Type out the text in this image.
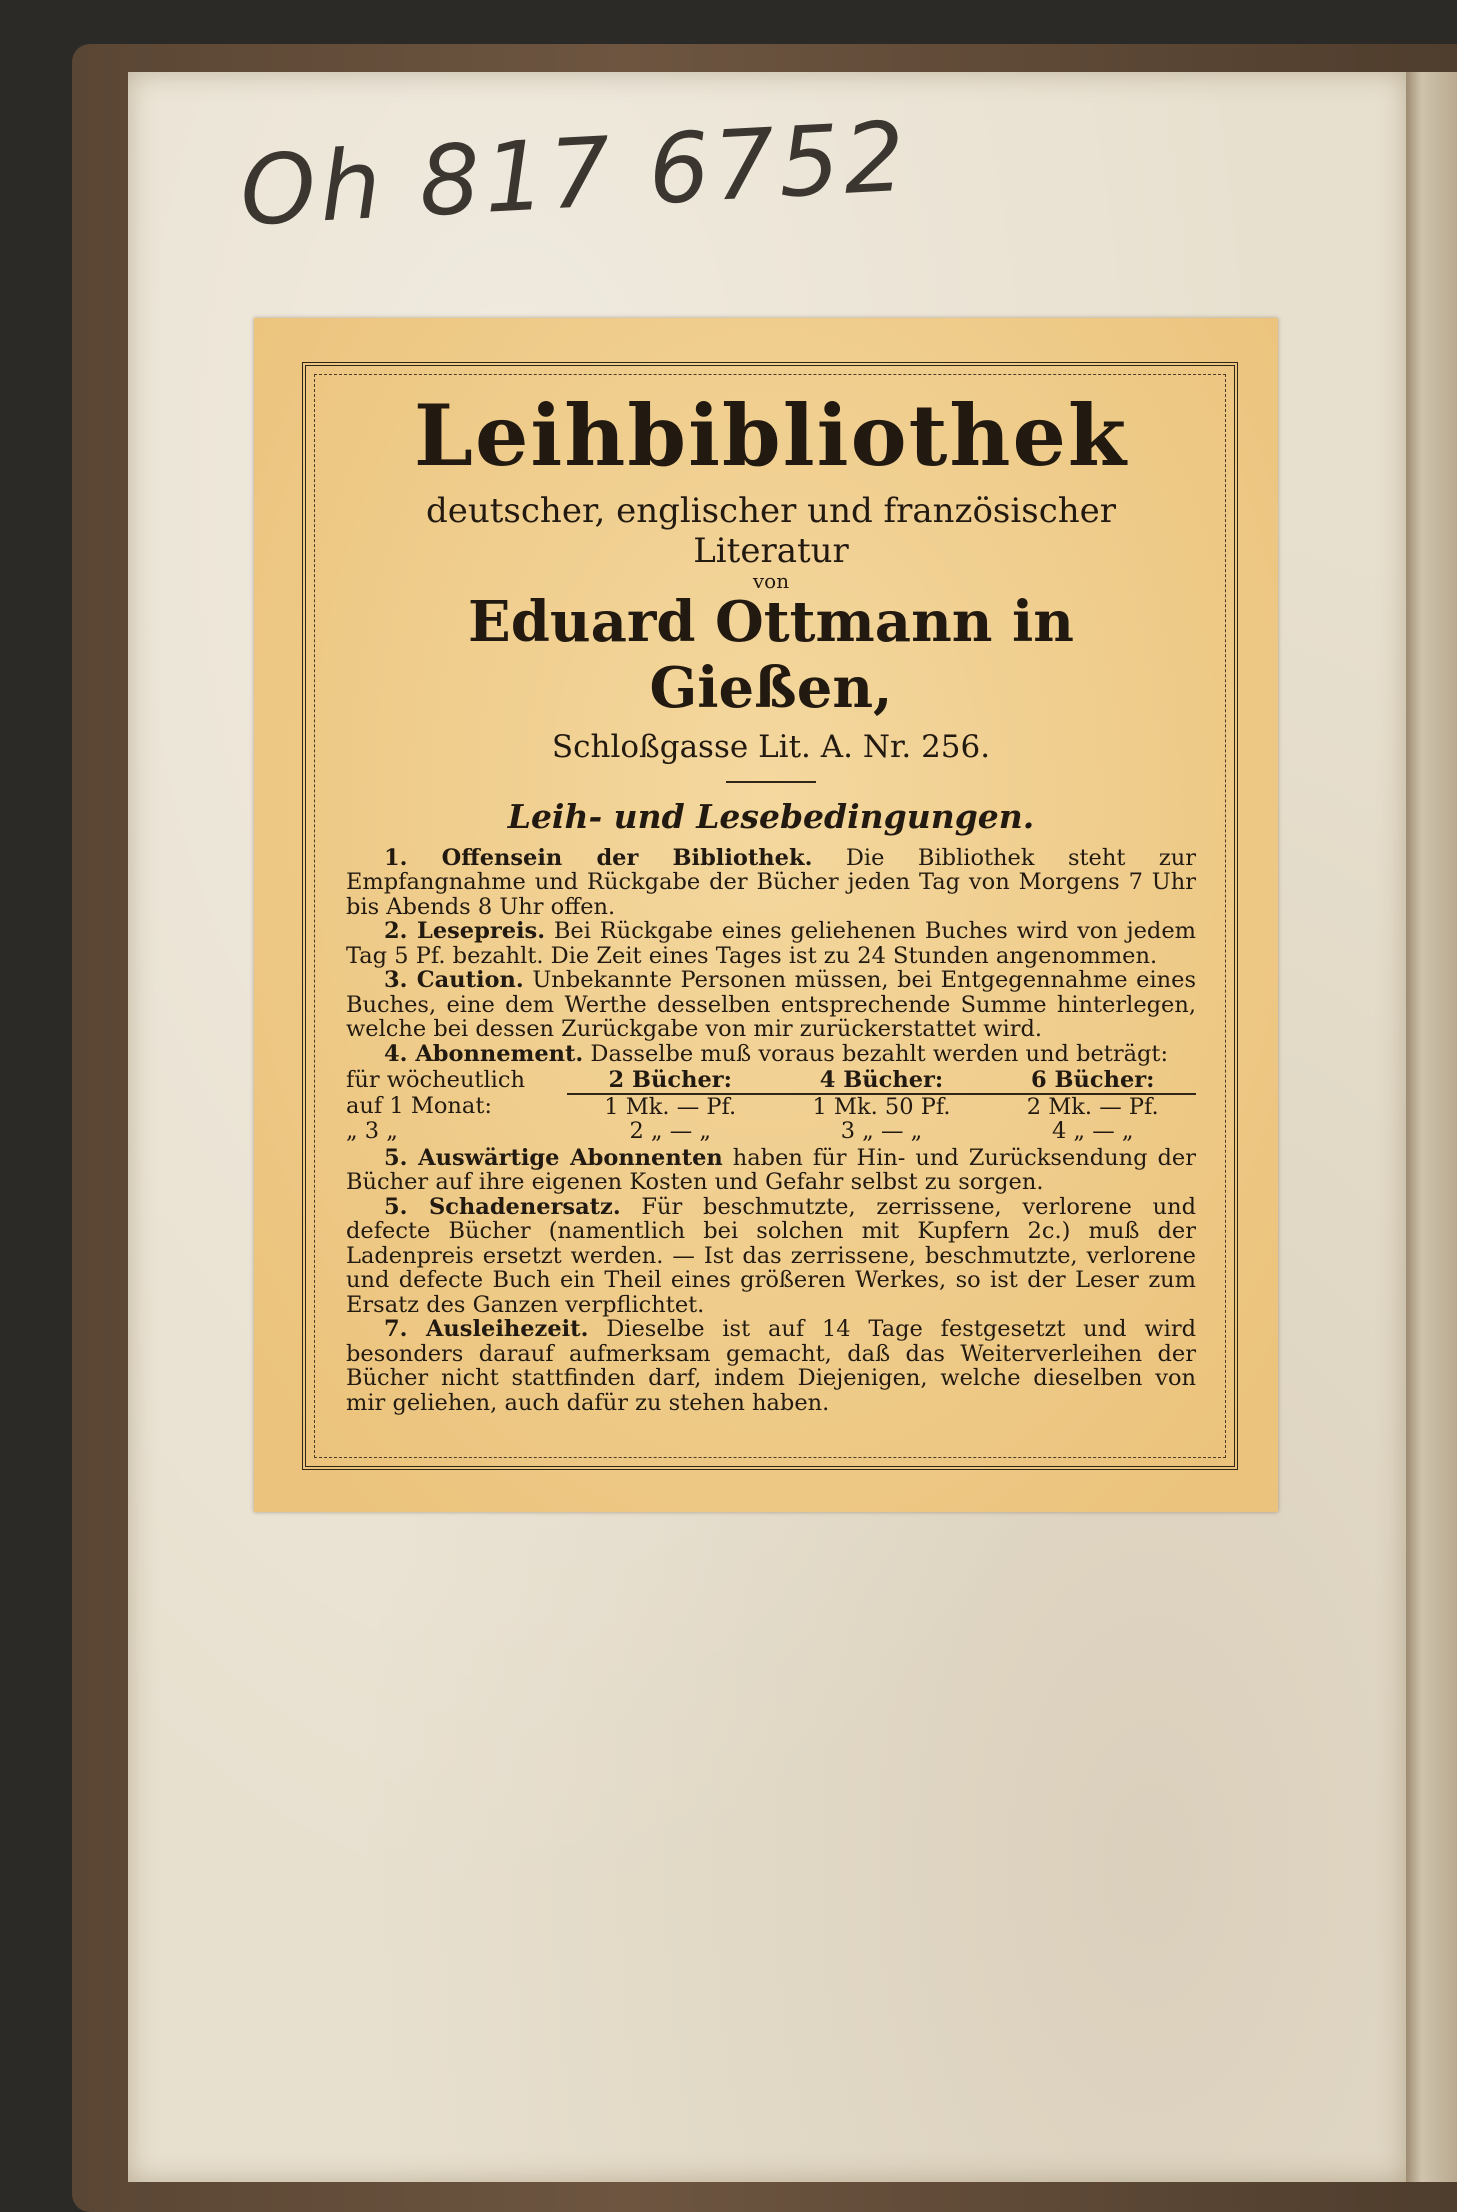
Oh 817 6752
Leihbibliothek
deutscher, englischer und französischer Literatur
von
Eduard Ottmann in Gießen,
Schloßgasse Lit. A. Nr. 256.
Leih- und Lesebedingungen.

1. Offensein der Bibliothek. Die Bibliothek steht zur Empfangnahme und Rückgabe der Bücher jeden Tag von Morgens 7 Uhr bis Abends 8 Uhr offen.

2. Lesepreis. Bei Rückgabe eines geliehenen Buches wird von jedem Tag 5 Pf. bezahlt. Die Zeit eines Tages ist zu 24 Stunden angenommen.

3. Caution. Unbekannte Personen müssen, bei Entgegennahme eines Buches, eine dem Werthe desselben entsprechende Summe hinterlegen, welche bei dessen Zurückgabe von mir zurückerstattet wird.

4. Abonnement. Dasselbe muß voraus bezahlt werden und beträgt:

für wöcheutlich	2 Bücher:	4 Bücher:	6 Bücher:
auf 1 Monat:	1 Mk. — Pf.	1 Mk. 50 Pf.	2 Mk. — Pf.
„ 3 „	2 „ — „	3 „ — „	4 „ — „

5. Auswärtige Abonnenten haben für Hin- und Zurücksendung der Bücher auf ihre eigenen Kosten und Gefahr selbst zu sorgen.

5. Schadenersatz. Für beschmutzte, zerrissene, verlorene und defecte Bücher (namentlich bei solchen mit Kupfern 2c.) muß der Ladenpreis ersetzt werden. — Ist das zerrissene, beschmutzte, verlorene und defecte Buch ein Theil eines größeren Werkes, so ist der Leser zum Ersatz des Ganzen verpflichtet.

7. Ausleihezeit. Dieselbe ist auf 14 Tage festgesetzt und wird besonders darauf aufmerksam gemacht, daß das Weiterverleihen der Bücher nicht stattfinden darf, indem Diejenigen, welche dieselben von mir geliehen, auch dafür zu stehen haben.
